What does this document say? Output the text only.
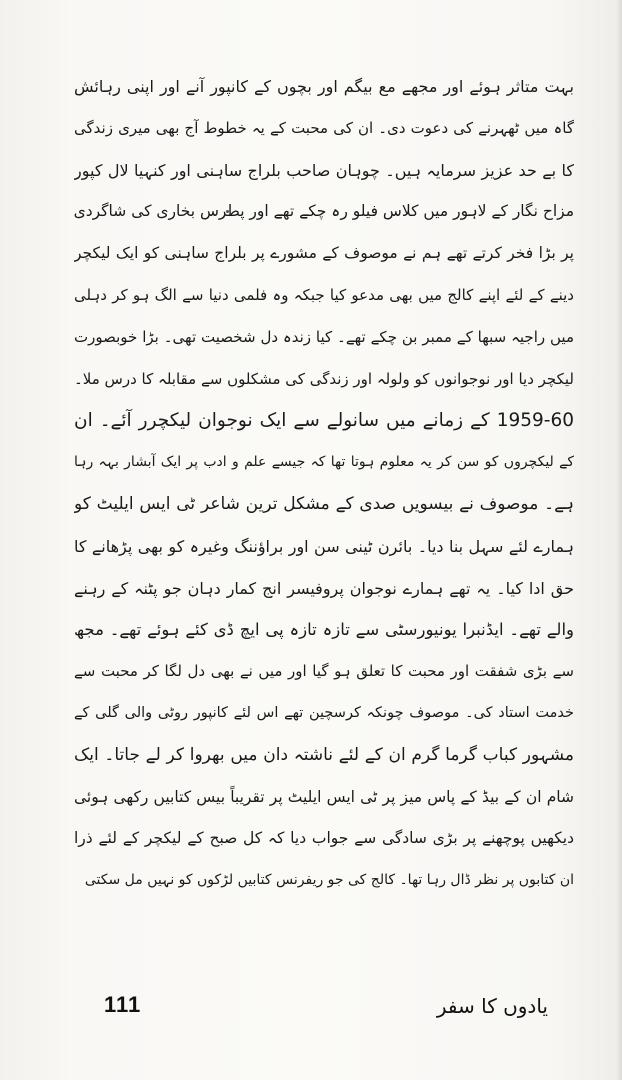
بہت متاثر ہوئے اور مجھے مع بیگم اور بچوں کے کانپور آنے اور اپنی رہائش
گاہ میں ٹھہرنے کی دعوت دی۔ ان کی محبت کے یہ خطوط آج بھی میری زندگی
کا بے حد عزیز سرمایہ ہیں۔ چوہان صاحب بلراج ساہنی اور کنہیا لال کپور
مزاح نگار کے لاہور میں کلاس فیلو رہ چکے تھے اور پطرس بخاری کی شاگردی
پر بڑا فخر کرتے تھے ہم نے موصوف کے مشورے پر بلراج ساہنی کو ایک لیکچر
دینے کے لئے اپنے کالج میں بھی مدعو کیا جبکہ وہ فلمی دنیا سے الگ ہو کر دہلی
میں راجیہ سبھا کے ممبر بن چکے تھے۔ کیا زندہ دل شخصیت تھی۔ بڑا خوبصورت
لیکچر دیا اور نوجوانوں کو ولولہ اور زندگی کی مشکلوں سے مقابلہ کا درس ملا۔
1959-60 کے زمانے میں سانولے سے ایک نوجوان لیکچرر آئے۔ ان
کے لیکچروں کو سن کر یہ معلوم ہوتا تھا کہ جیسے علم و ادب پر ایک آبشار بہہ رہا
ہے۔ موصوف نے بیسویں صدی کے مشکل ترین شاعر ٹی ایس ایلیٹ کو
ہمارے لئے سہل بنا دیا۔ بائرن ٹینی سن اور براؤننگ وغیرہ کو بھی پڑھانے کا
حق ادا کیا۔ یہ تھے ہمارے نوجوان پروفیسر انج کمار دہان جو پٹنہ کے رہنے
والے تھے۔ ایڈنبرا یونیورسٹی سے تازہ تازہ پی ایچ ڈی کئے ہوئے تھے۔ مجھ
سے بڑی شفقت اور محبت کا تعلق ہو گیا اور میں نے بھی دل لگا کر محبت سے
خدمت استاد کی۔ موصوف چونکہ کرسچین تھے اس لئے کانپور روٹی والی گلی کے
مشہور کباب گرما گرم ان کے لئے ناشتہ دان میں بھروا کر لے جاتا۔ ایک
شام ان کے بیڈ کے پاس میز پر ٹی ایس ایلیٹ پر تقریباً بیس کتابیں رکھی ہوئی
دیکھیں پوچھنے پر بڑی سادگی سے جواب دیا کہ کل صبح کے لیکچر کے لئے ذرا
ان کتابوں پر نظر ڈال رہا تھا۔ کالج کی جو ریفرنس کتابیں لڑکوں کو نہیں مل سکتی
111	یادوں کا سفر
